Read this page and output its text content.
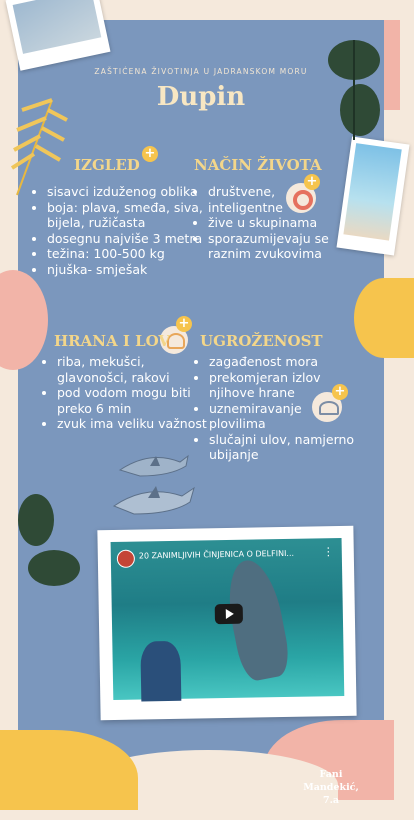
ZAŠTIĆENA ŽIVOTINJA U JADRANSKOM MORU
Dupin
IZGLED
+
• sisavci izduženog oblika
• boja: plava, smeđa, siva, bijela, ružičasta
• dosegnu najviše 3 metra
• težina: 100-500 kg
• njuška- smješak
NAČIN ŽIVOTA
+
• društvene, inteligentne
• žive u skupinama
• sporazumijevaju se raznim zvukovima
+
HRANA I LOV
• riba, mekušci, glavonošci, rakovi
• pod vodom mogu biti preko 6 min
• zvuk ima veliku važnost
UGROŽENOST
• zagađenost mora
• prekomjeran izlov njihove hrane
• uznemiravanje plovilima
• slučajni ulov, namjerno ubijanje
+
Fani Mandekić,
7.a
20 ZANIMLJIVIH ČINJENICA O DELFINI...	⋮
